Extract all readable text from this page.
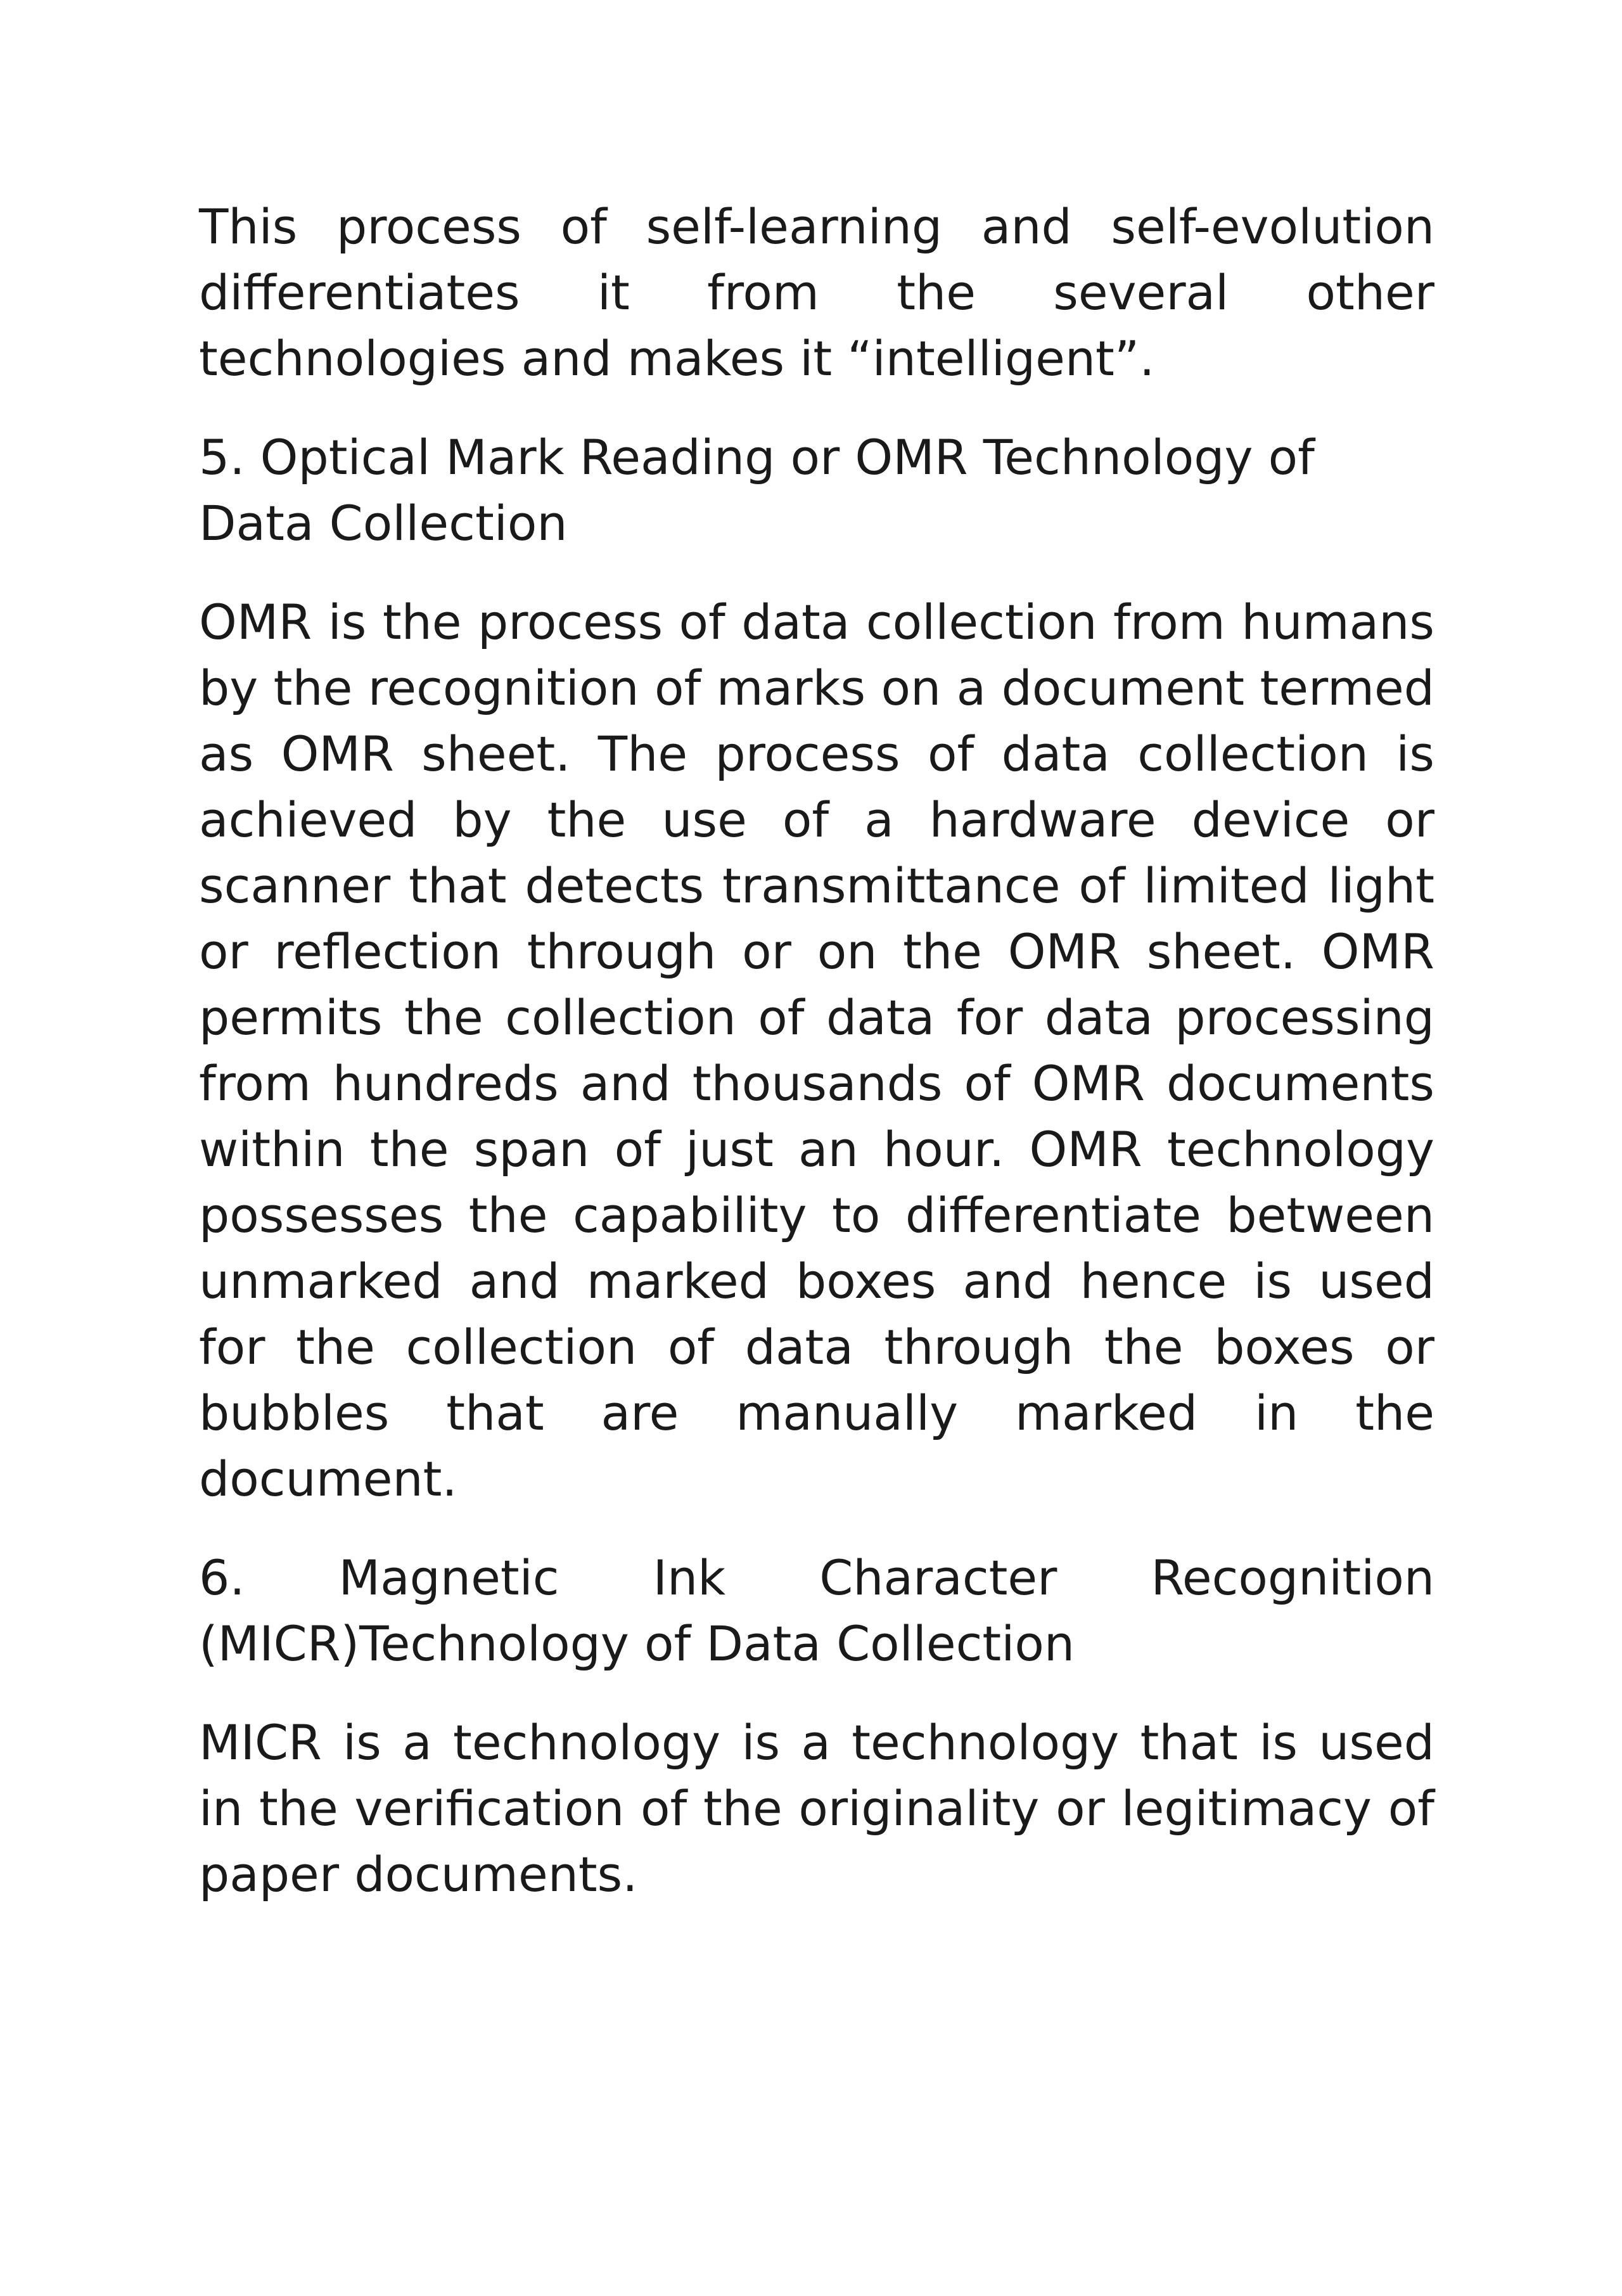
This process of self-learning and self-evolution differentiates it from the several other technologies and makes it “intelligent”.

5. Optical Mark Reading or OMR Technology of Data Collection

OMR is the process of data collection from humans by the recognition of marks on a document termed as OMR sheet. The process of data collection is achieved by the use of a hardware device or scanner that detects transmittance of limited light or reflection through or on the OMR sheet. OMR permits the collection of data for data processing from hundreds and thousands of OMR documents within the span of just an hour. OMR technology possesses the capability to differentiate between unmarked and marked boxes and hence is used for the collection of data through the boxes or bubbles that are manually marked in the document.

6. Magnetic Ink Character Recognition (MICR)Technology of Data Collection

MICR is a technology is a technology that is used in the verification of the originality or legitimacy of paper documents.
